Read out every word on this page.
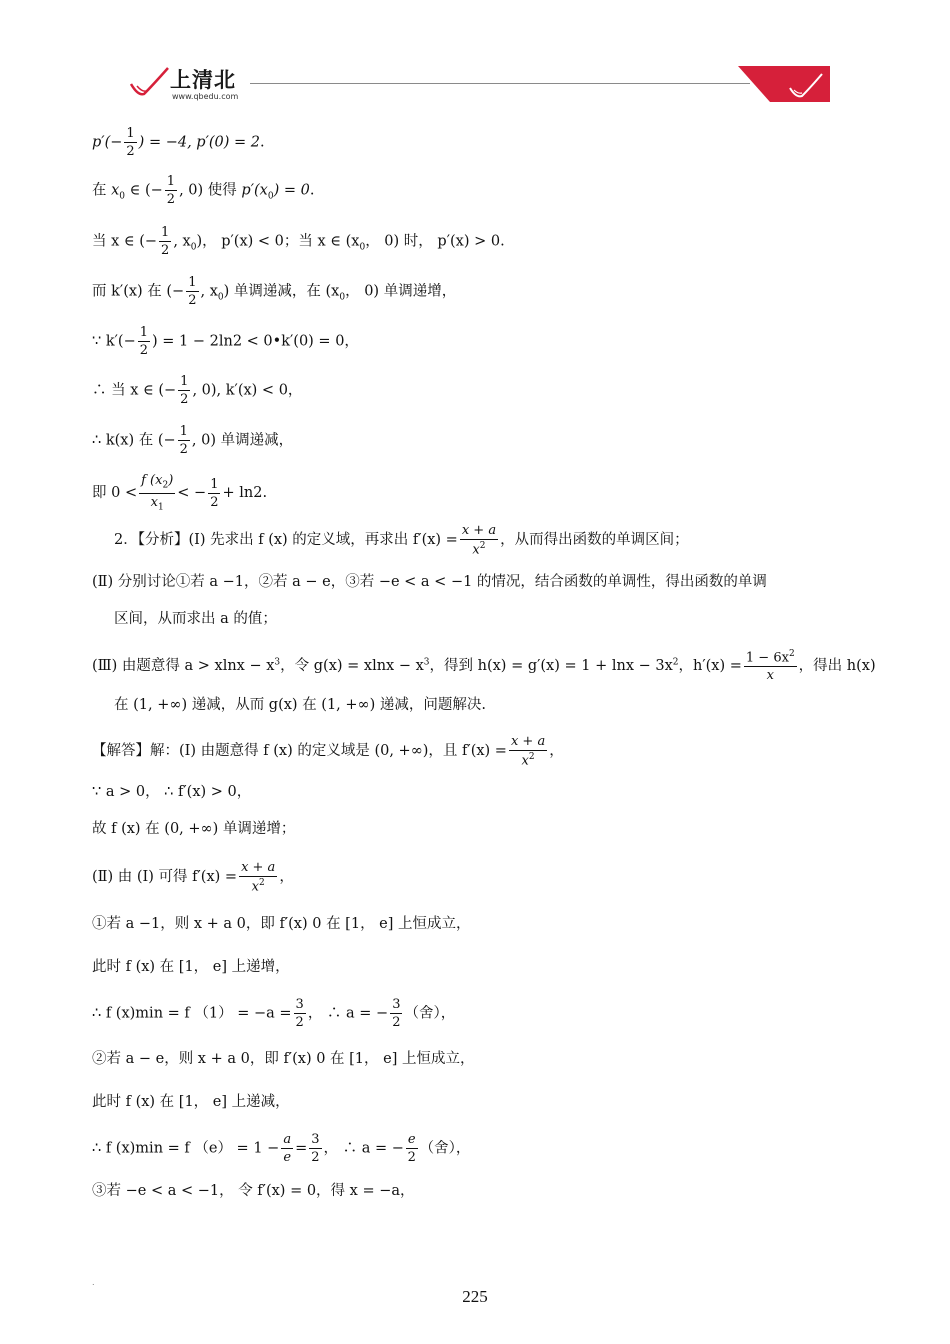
上清北
www.qbedu.com
$p'(- \frac{1}{2}$ ) = −4, p′(0) = 2.
在 $x_0$ ∈ (− $\frac{1}{2}$ , 0) 使得 $p'(x_0) = 0$.
当 x ∈ (− $\frac{1}{2}$ , $x_0$)， p′(x) < 0；当 x ∈ ($x_0$， 0) 时， p′(x) > 0.
而 k′(x) 在 (− $\frac{1}{2}$ , $x_0$) 单调递减，在 ($x_0$， 0) 单调递增，
∵ $k'(- \frac{1}{2}$ ) = 1 − 2ln2 < 0•k′(0) = 0，
∴ 当 x ∈ (− $\frac{1}{2}$ , 0), k′(x) < 0，
∴ k(x) 在 (− $\frac{1}{2}$ , 0) 单调递减，
即 $0 < \frac{f (x_2)}{x_1}$ < − $\frac{1}{2} + \ln 2$.
2．【分析】(Ⅰ) 先求出 f (x) 的定义域，再求出 $f'(x) = \frac{x + a}{x^2}$ ，从而得出函数的单调区间；
(Ⅱ) 分别讨论①若 a −1，②若 a − e，③若 −e < a < −1 的情况，结合函数的单调性，得出函数的单调
区间，从而求出 a 的值；
(Ⅲ) 由题意得 $a > xlnx - x^3$，令 $g(x) = xlnx - x^3$，得到 $h(x) = g'(x) = 1 + \ln x - 3x^2$，$h'(x) = \frac{1 - 6x^2}{x}$ ，得出 h(x)
在 (1, +∞) 递减，从而 g(x) 在 (1, +∞) 递减，问题解决.
【解答】解：(Ⅰ) 由题意得 f (x) 的定义域是 (0, +∞)，且 $f'(x) = \frac{x + a}{x^2}$ ，
∵ a > 0， ∴ f′(x) > 0，
故 f (x) 在 (0, +∞) 单调递增；
(Ⅱ) 由 (Ⅰ) 可得 $f'(x) = \frac{x + a}{x^2}$ ，
①若 a −1，则 x + a 0，即 f′(x) 0 在 [1， e] 上恒成立，
此时 f (x) 在 [1， e] 上递增，
∴ f (x)min = f $(1) = -a = \frac{3}{2}$ ， ∴ a = − $\frac{3}{2}$ （舍），
②若 a − e，则 x + a 0，即 f′(x) 0 在 [1， e] 上恒成立，
此时 f (x) 在 [1， e] 上递减，
∴ f (x)min = f $(e) = 1 - \frac{a}{e} = \frac{3}{2}$ ， ∴ a = − $\frac{e}{2}$ （舍），
③若 −e < a < −1， 令 f′(x) = 0，得 x = −a，
.
225
